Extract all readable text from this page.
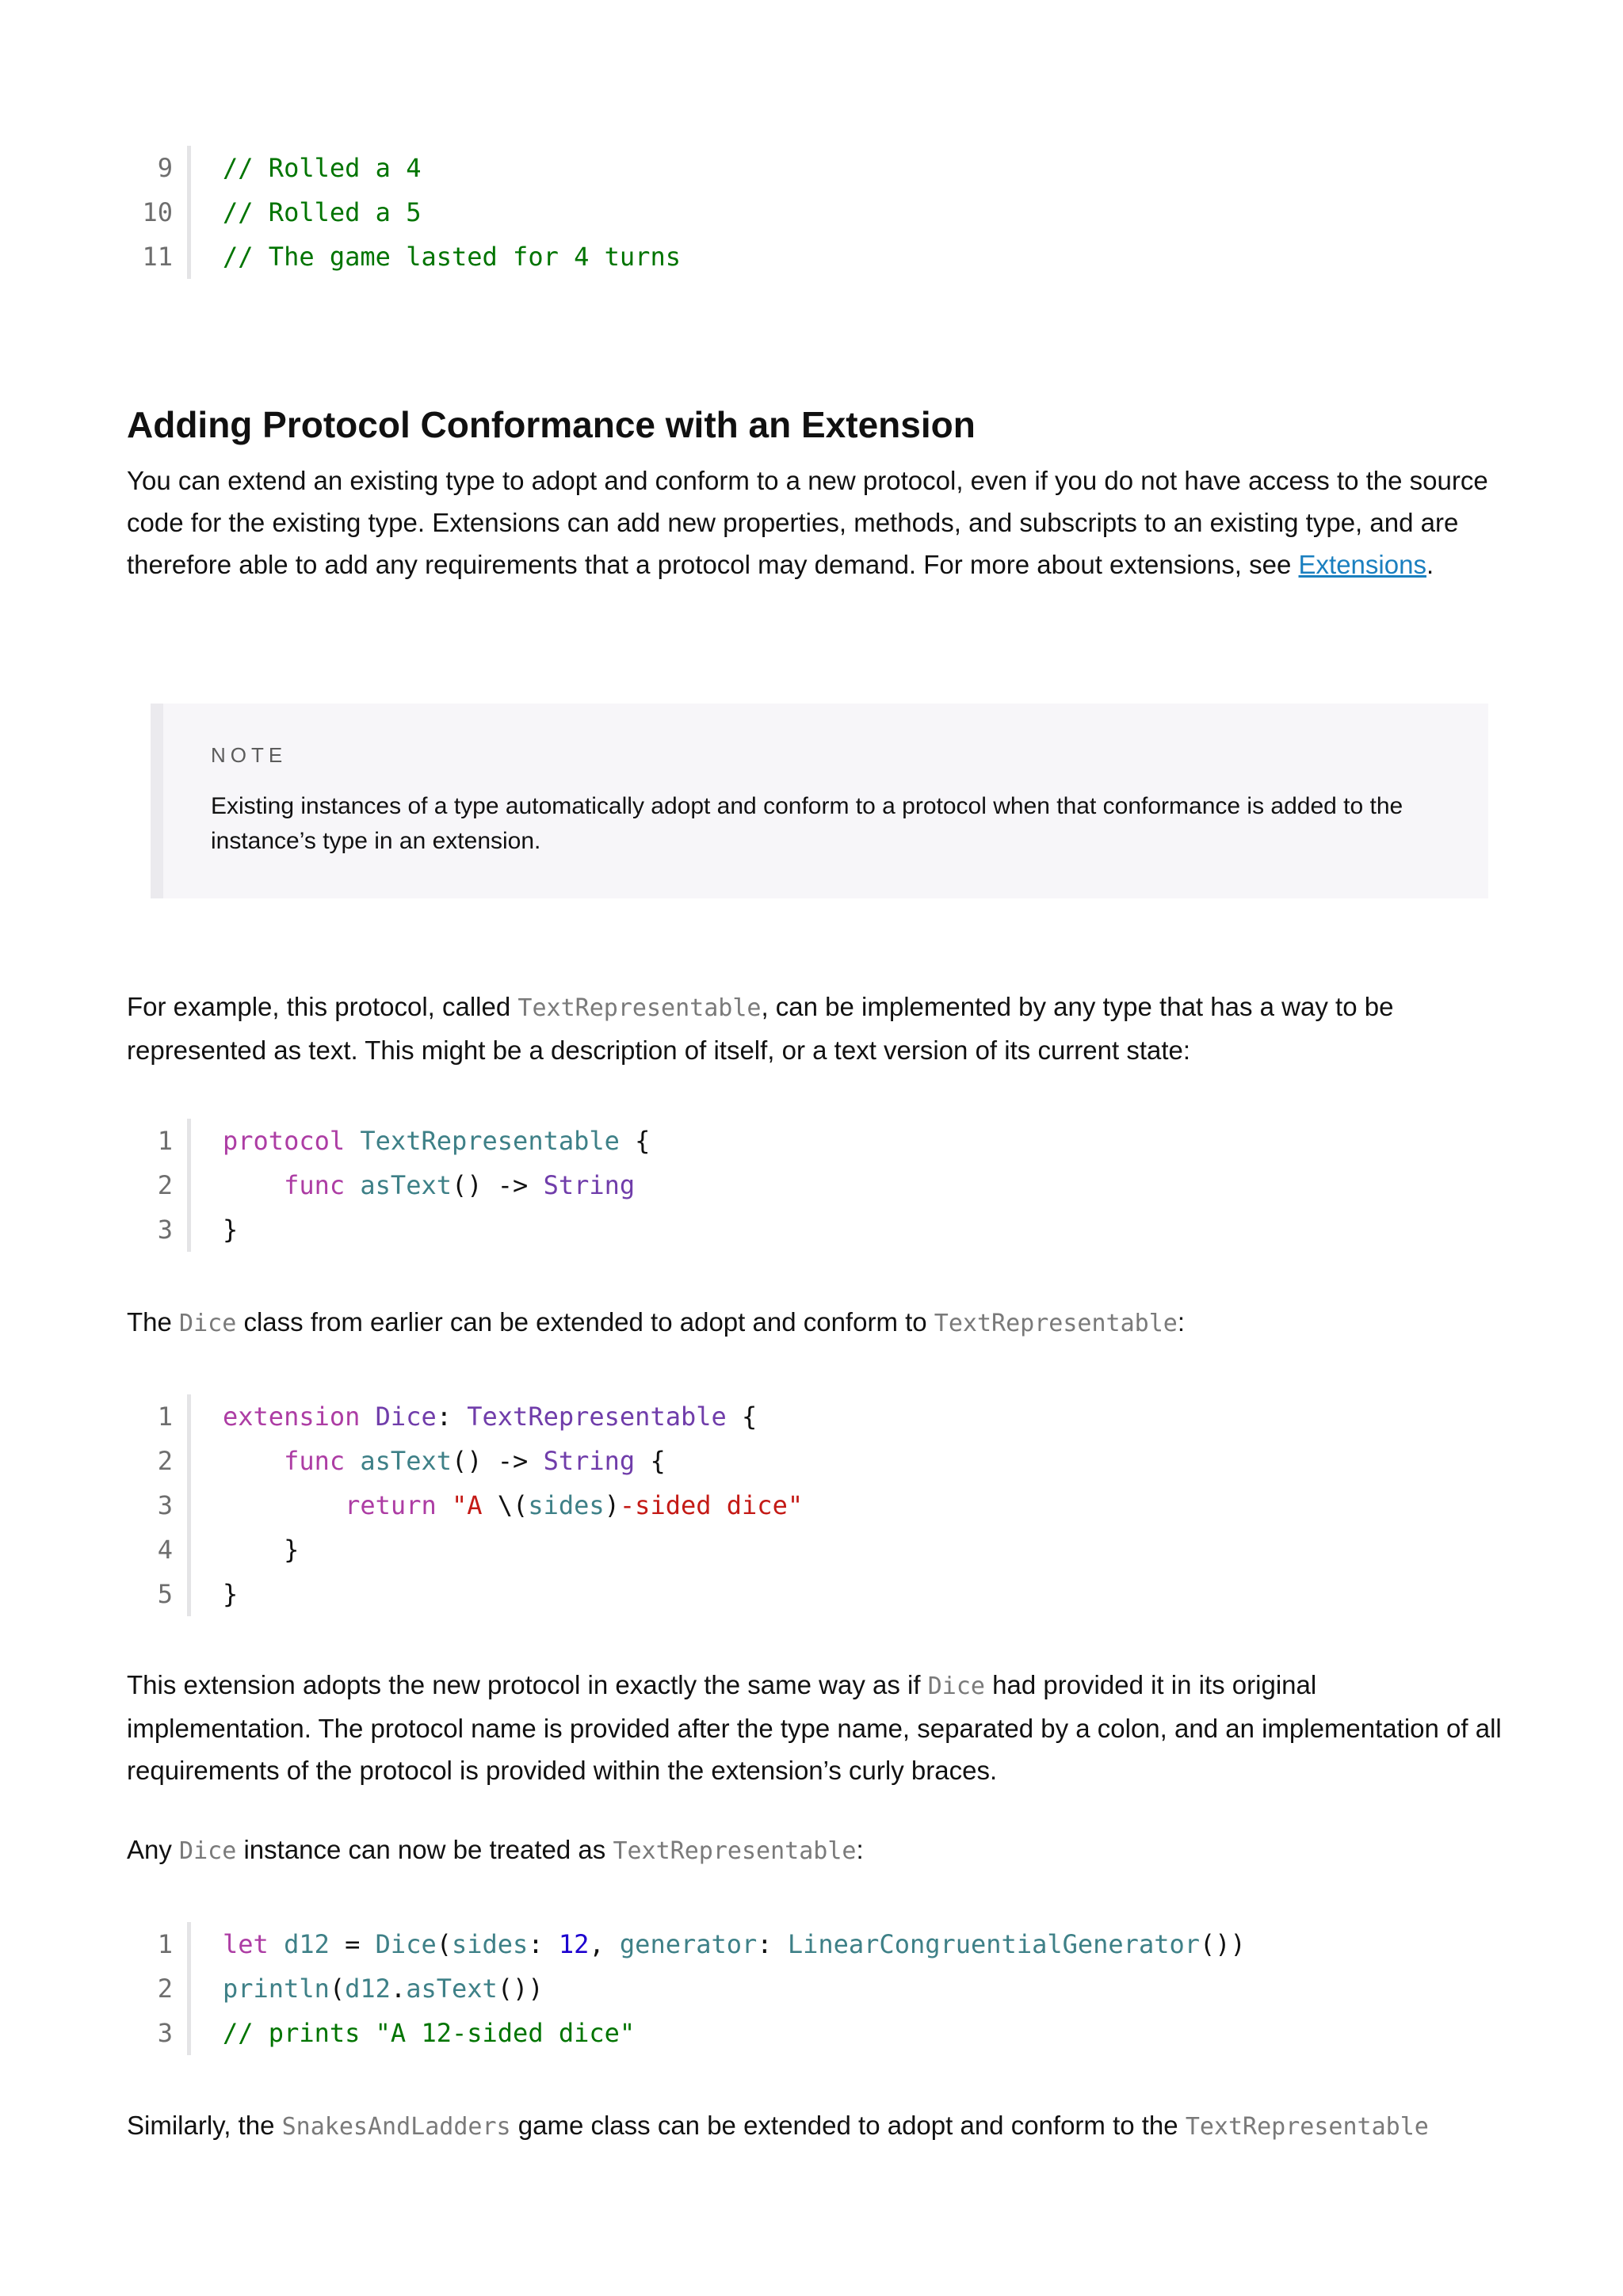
9	// Rolled a 4
10	// Rolled a 5
11	// The game lasted for 4 turns
Adding Protocol Conformance with an Extension

You can extend an existing type to adopt and conform to a new protocol, even if you do not have access to the source code for the existing type. Extensions can add new properties, methods, and subscripts to an existing type, and are therefore able to add any requirements that a protocol may demand. For more about extensions, see Extensions.

NOTE

Existing instances of a type automatically adopt and conform to a protocol when that conformance is added to the instance’s type in an extension.

For example, this protocol, called TextRepresentable, can be implemented by any type that has a way to be represented as text. This might be a description of itself, or a text version of its current state:

1	protocol TextRepresentable {
2	func asText() -> String
3	}

The Dice class from earlier can be extended to adopt and conform to TextRepresentable:

1	extension Dice: TextRepresentable {
2	func asText() -> String {
3	return "A \(sides)-sided dice"
4	}
5	}

This extension adopts the new protocol in exactly the same way as if Dice had provided it in its original implementation. The protocol name is provided after the type name, separated by a colon, and an implementation of all requirements of the protocol is provided within the extension’s curly braces.

Any Dice instance can now be treated as TextRepresentable:

1	let d12 = Dice(sides: 12, generator: LinearCongruentialGenerator())
2	println(d12.asText())
3	// prints "A 12-sided dice"

Similarly, the SnakesAndLadders game class can be extended to adopt and conform to the TextRepresentable
